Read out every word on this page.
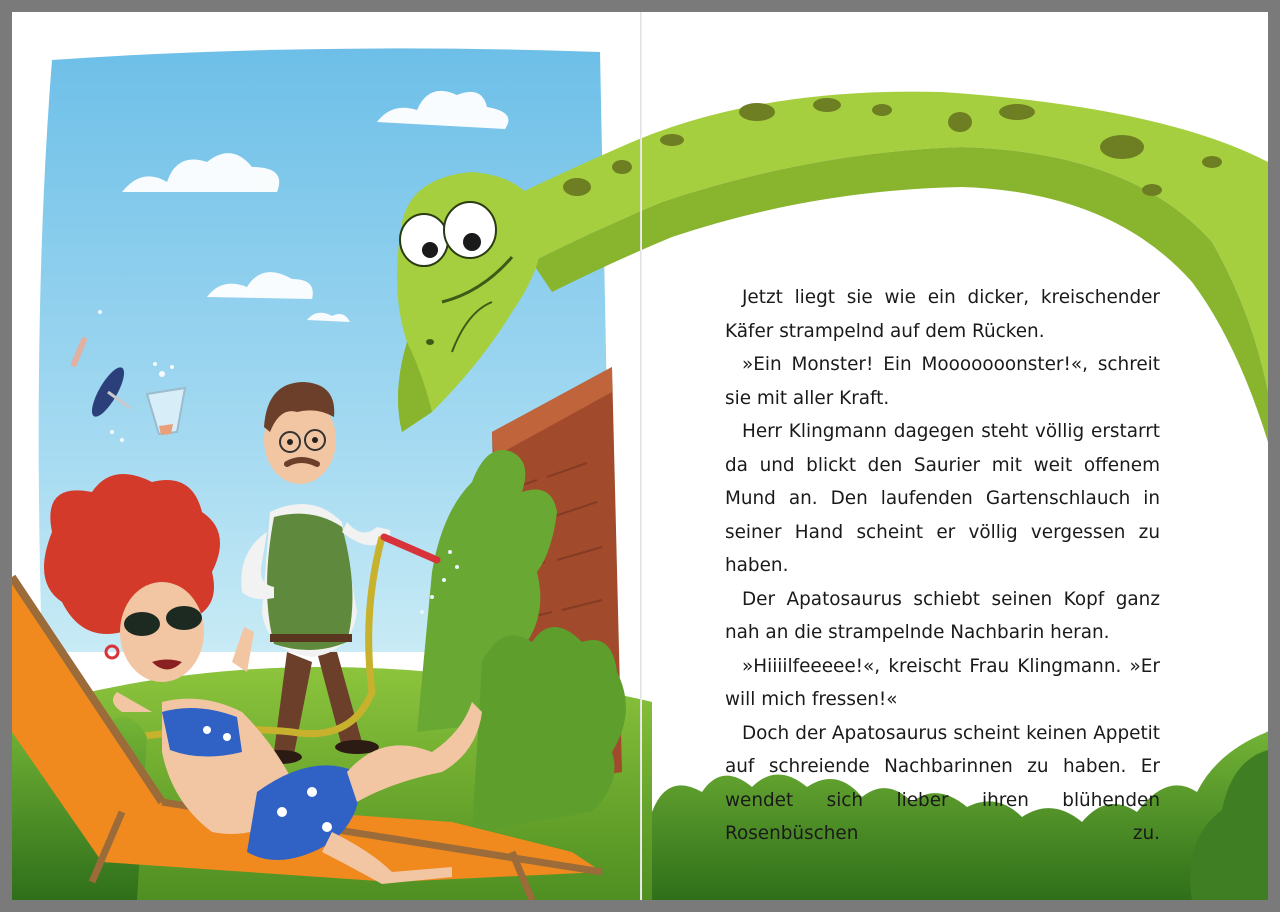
Jetzt liegt sie wie ein dicker, kreischender Käfer strampelnd auf dem Rücken.

»Ein Monster! Ein Mooooooonster!«, schreit sie mit aller Kraft.

Herr Klingmann dagegen steht völlig erstarrt da und blickt den Saurier mit weit offenem Mund an. Den laufenden Gartenschlauch in seiner Hand scheint er völlig vergessen zu haben.

Der Apatosaurus schiebt seinen Kopf ganz nah an die strampelnde Nachbarin heran.

»Hiiiilfeeeee!«, kreischt Frau Klingmann. »Er will mich fressen!«

Doch der Apatosaurus scheint keinen Appetit auf schreiende Nachbarinnen zu haben. Er wendet sich lieber ihren blühenden Rosenbüschen zu.
